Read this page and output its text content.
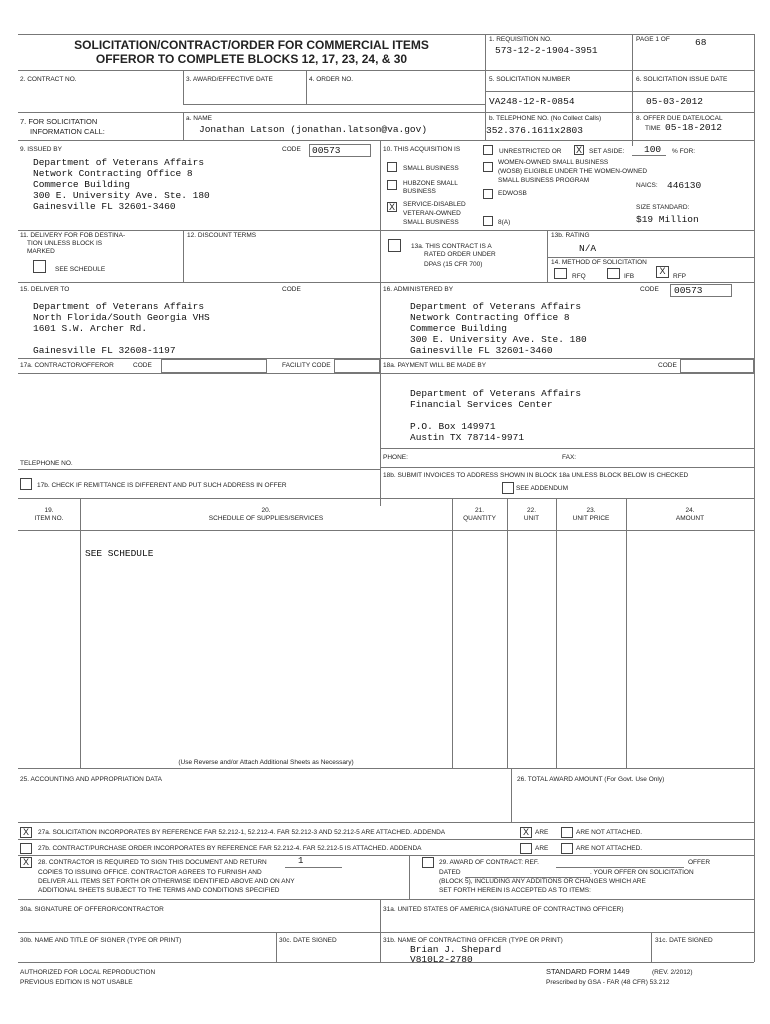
SOLICITATION/CONTRACT/ORDER FOR COMMERCIAL ITEMS
OFFEROR TO COMPLETE BLOCKS 12, 17, 23, 24, & 30
1. REQUISITION NO.
573-12-2-1904-3951
PAGE 1 OF	68
2. CONTRACT NO.	3. AWARD/EFFECTIVE DATE	4. ORDER NO.	5. SOLICITATION NUMBER
VA248-12-R-0854
6. SOLICITATION ISSUE DATE
05-03-2012
7. FOR SOLICITATION
INFORMATION CALL:
a. NAME
Jonathan Latson (jonathan.latson@va.gov)
b. TELEPHONE NO. (No Collect Calls)
352.376.1611x2803
8. OFFER DUE DATE/LOCAL
TIME 05-18-2012
9. ISSUED BY	CODE 00573
Department of Veterans Affairs
Network Contracting Office 8
Commerce Building
300 E. University Ave. Ste. 180
Gainesville FL 32601-3460
10. THIS ACQUISITION IS	UNRESTRICTED OR X	SET ASIDE: 100 % FOR:
SMALL BUSINESS
HUBZONE SMALL
BUSINESS
X	SERVICE-DISABLED
VETERAN-OWNED
SMALL BUSINESS
WOMEN-OWNED SMALL BUSINESS
(WOSB) ELIGIBLE UNDER THE WOMEN-OWNED
SMALL BUSINESS PROGRAM
EDWOSB
8(A)
NAICS: 446130
SIZE STANDARD:
$19 Million
11. DELIVERY FOR FOB DESTINA-
TION UNLESS BLOCK IS
MARKED
SEE SCHEDULE
12. DISCOUNT TERMS
13a. THIS CONTRACT IS A
RATED ORDER UNDER
DPAS (15 CFR 700)
13b. RATING
N/A
14. METHOD OF SOLICITATION
RFQ	IFB
X
RFP
15. DELIVER TO	CODE
Department of Veterans Affairs
North Florida/South Georgia VHS
1601 S.W. Archer Rd.
Gainesville FL 32608-1197
16. ADMINISTERED BY	CODE 00573
Department of Veterans Affairs
Network Contracting Office 8
Commerce Building
300 E. University Ave. Ste. 180
Gainesville FL 32601-3460
17a. CONTRACTOR/OFFEROR	CODE	FACILITY CODE
TELEPHONE NO.
17b. CHECK IF REMITTANCE IS DIFFERENT AND PUT SUCH ADDRESS IN OFFER
18a. PAYMENT WILL BE MADE BY	CODE
Department of Veterans Affairs
Financial Services Center
P.O. Box 149971
Austin TX 78714-9971
PHONE:	FAX:
18b. SUBMIT INVOICES TO ADDRESS SHOWN IN BLOCK 18a UNLESS BLOCK BELOW IS CHECKED
SEE ADDENDUM
19.
ITEM NO.
20.
SCHEDULE OF SUPPLIES/SERVICES
21.
QUANTITY
22.
UNIT
23.
UNIT PRICE
24.
AMOUNT
SEE SCHEDULE
(Use Reverse and/or Attach Additional Sheets as Necessary)
25. ACCOUNTING AND APPROPRIATION DATA	26. TOTAL AWARD AMOUNT (For Govt. Use Only)
X	27a. SOLICITATION INCORPORATES BY REFERENCE FAR 52.212-1, 52.212-4. FAR 52.212-3 AND 52.212-5 ARE ATTACHED. ADDENDA	X ARE	ARE NOT ATTACHED.
27b. CONTRACT/PURCHASE ORDER INCORPORATES BY REFERENCE FAR 52.212-4. FAR 52.212-5 IS ATTACHED. ADDENDA	ARE	ARE NOT ATTACHED.
X	28. CONTRACTOR IS REQUIRED TO SIGN THIS DOCUMENT AND RETURN	1
COPIES TO ISSUING OFFICE. CONTRACTOR AGREES TO FURNISH AND
DELIVER ALL ITEMS SET FORTH OR OTHERWISE IDENTIFIED ABOVE AND ON ANY
ADDITIONAL SHEETS SUBJECT TO THE TERMS AND CONDITIONS SPECIFIED
29. AWARD OF CONTRACT: REF.	OFFER
DATED	. YOUR OFFER ON SOLICITATION
(BLOCK 5), INCLUDING ANY ADDITIONS OR CHANGES WHICH ARE
SET FORTH HEREIN IS ACCEPTED AS TO ITEMS:
30a. SIGNATURE OF OFFEROR/CONTRACTOR	31a. UNITED STATES OF AMERICA (SIGNATURE OF CONTRACTING OFFICER)
30b. NAME AND TITLE OF SIGNER (TYPE OR PRINT)	30c. DATE SIGNED	31b. NAME OF CONTRACTING OFFICER (TYPE OR PRINT)
Brian J. Shepard
V810L2-2780
31c. DATE SIGNED
AUTHORIZED FOR LOCAL REPRODUCTION
PREVIOUS EDITION IS NOT USABLE
STANDARD FORM 1449	(REV. 2/2012)
Prescribed by GSA - FAR (48 CFR) 53.212
